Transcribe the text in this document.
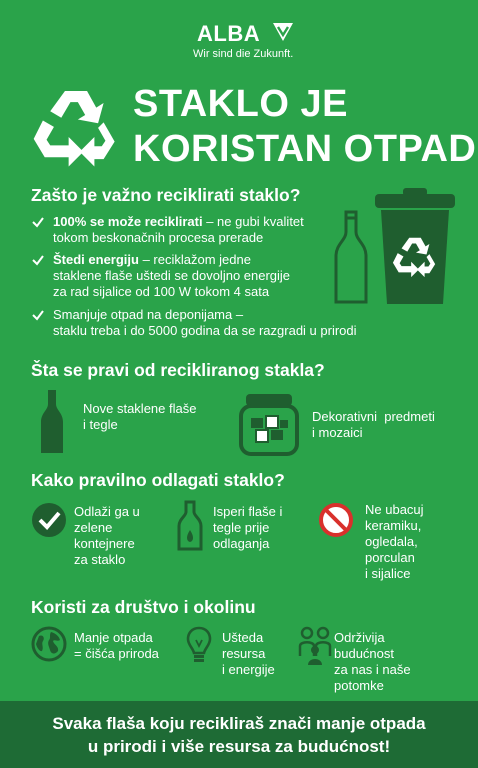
ALBA
Wir sind die Zukunft.
STAKLO JE
KORISTAN OTPAD
Zašto je važno reciklirati staklo?
100% se može reciklirati – ne gubi kvalitet
tokom beskonačnih procesa prerade
Štedi energiju – reciklažom jedne
staklene flaše uštedi se dovoljno energije
za rad sijalice od 100 W tokom 4 sata
Smanjuje otpad na deponijama –
staklu treba i do 5000 godina da se razgradi u prirodi
Šta se pravi od recikliranog stakla?
Nove staklene flaše
i tegle
Dekorativni  predmeti
i mozaici
Kako pravilno odlagati staklo?
Odlaži ga u
zelene
kontejnere
za staklo
Isperi flaše i
tegle prije
odlaganja
Ne ubacuj
keramiku,
ogledala,
porculan
i sijalice
Koristi za društvo i okolinu
Manje otpada
= čišća priroda
Ušteda
resursa
i energije
Održivija
budućnost
za nas i naše
potomke
Svaka flaša koju recikliraš znači manje otpada
u prirodi i više resursa za budućnost!
